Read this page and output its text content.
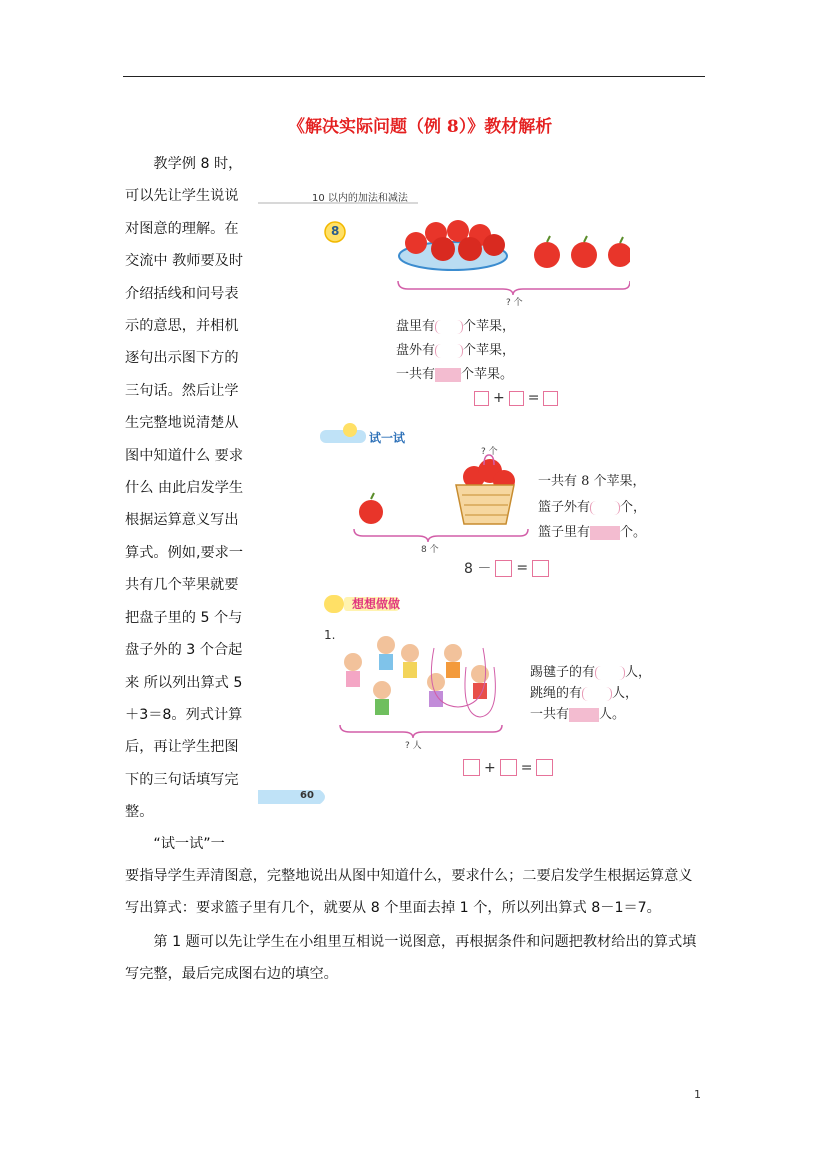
《解决实际问题（例 8）》教材解析
　　教学例 8 时，
可以先让学生说说
对图意的理解。在
交流中 教师要及时
介绍括线和问号表
示的意思，并相机
逐句出示图下方的
三句话。然后让学
生完整地说清楚从
图中知道什么 要求
什么 由此启发学生
根据运算意义写出
算式。例如,要求一
共有几个苹果就要
把盘子里的 5 个与
盘子外的 3 个合起
来 所以列出算式 5
＋3＝8。列式计算
后，再让学生把图
下的三句话填写完
整。
　　“试一试”一
要指导学生弄清图意，完整地说出从图中知道什么，要求什么；二要启发学生根据运算意义
写出算式：要求篮子里有几个，就要从 8 个里面去掉 1 个，所以列出算式 8－1＝7。
　　第 1 题可以先让学生在小组里互相说一说图意，再根据条件和问题把教材给出的算式填
写完整，最后完成图右边的填空。
10 以内的加法和减法
8
? 个
盘里有 个苹果，
盘外有 个苹果，
一共有 个苹果。
+ =
试一试
? 个
一共有 8 个苹果，
篮子外有 个，
篮子里有 个。
8 个
8 － =
想想做做
1.
踢毽子的有 人，
跳绳的有 人，
一共有 人。
? 人
+ =
60
1
